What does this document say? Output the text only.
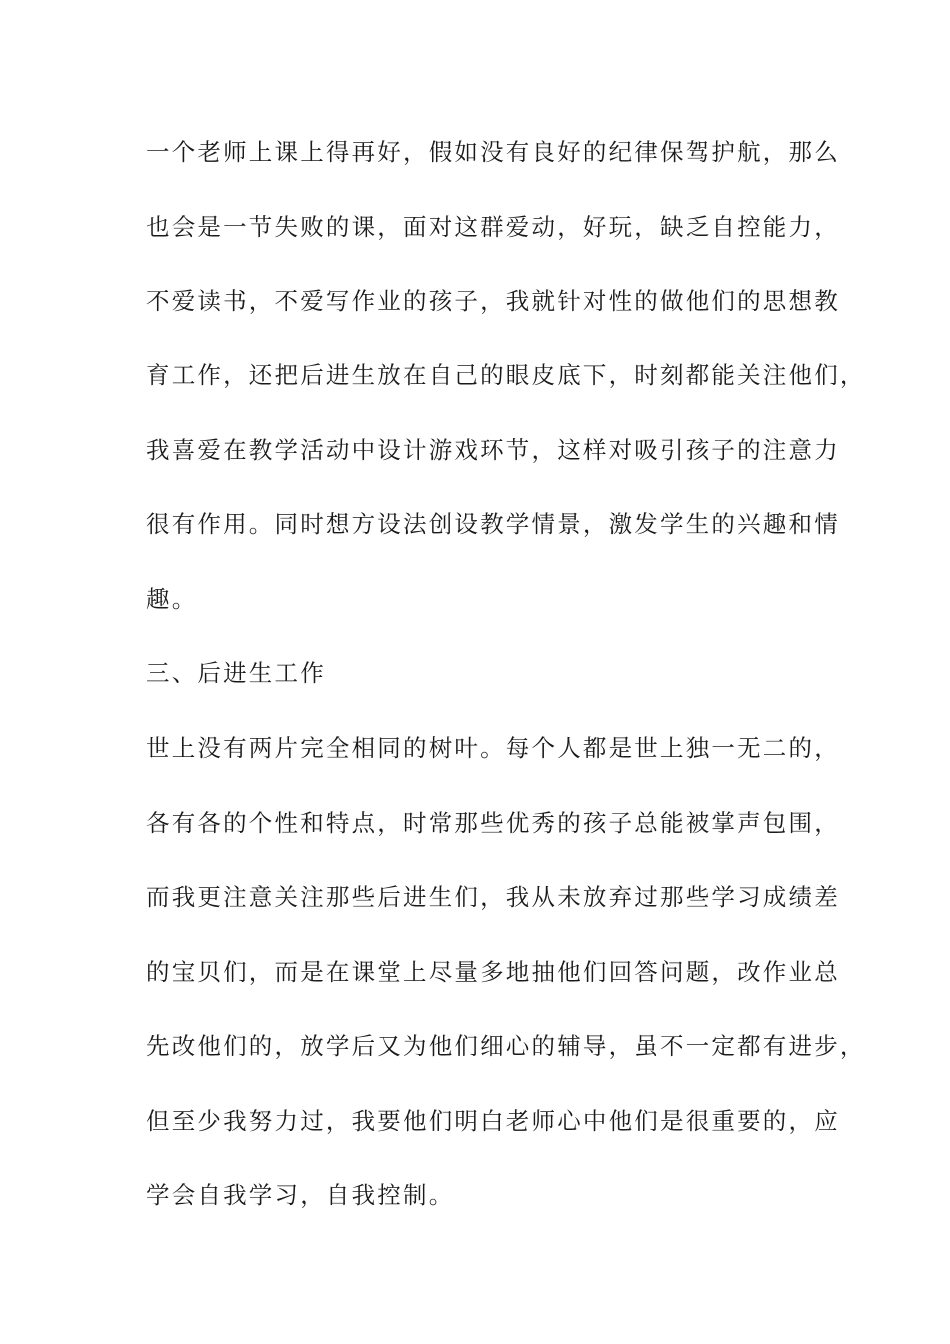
一个老师上课上得再好，假如没有良好的纪律保驾护航，那么
也会是一节失败的课，面对这群爱动，好玩，缺乏自控能力，
不爱读书，不爱写作业的孩子，我就针对性的做他们的思想教
育工作，还把后进生放在自己的眼皮底下，时刻都能关注他们，
我喜爱在教学活动中设计游戏环节，这样对吸引孩子的注意力
很有作用。同时想方设法创设教学情景，激发学生的兴趣和情
趣。
三、后进生工作
世上没有两片完全相同的树叶。每个人都是世上独一无二的，
各有各的个性和特点，时常那些优秀的孩子总能被掌声包围，
而我更注意关注那些后进生们，我从未放弃过那些学习成绩差
的宝贝们，而是在课堂上尽量多地抽他们回答问题，改作业总
先改他们的，放学后又为他们细心的辅导，虽不一定都有进步，
但至少我努力过，我要他们明白老师心中他们是很重要的，应
学会自我学习，自我控制。
